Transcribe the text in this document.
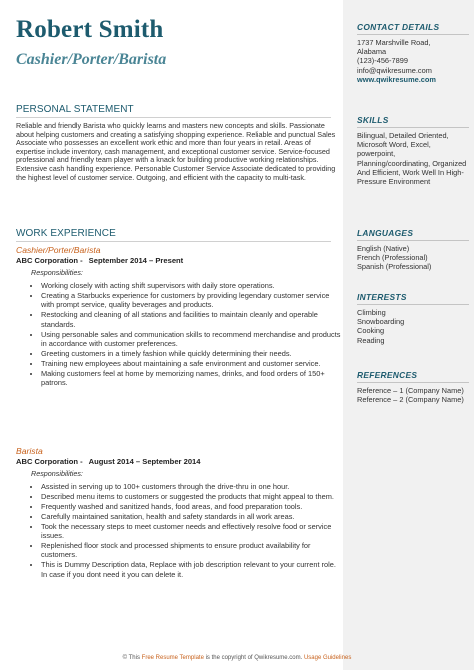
Robert Smith
Cashier/Porter/Barista
PERSONAL STATEMENT
Reliable and friendly Barista who quickly learns and masters new concepts and skills. Passionate about helping customers and creating a satisfying shopping experience. Reliable and punctual Sales Associate who possesses an excellent work ethic and more than four years in retail. Areas of expertise include inventory, cash management, and exceptional customer service. Service-focused professional and friendly team player with a knack for building productive working relationships. Extensive cash handling experience. Personable Customer Service Associate dedicated to providing the highest level of customer service. Outgoing, and efficient with the capacity to multi-task.
WORK EXPERIENCE
Cashier/Porter/Barista
ABC Corporation - September 2014 – Present
Responsibilities:
• Working closely with acting shift supervisors with daily store operations.
• Creating a Starbucks experience for customers by providing legendary customer service with prompt service, quality beverages and products.
• Restocking and cleaning of all stations and facilities to maintain cleanly and operable standards.
• Using personable sales and communication skills to recommend merchandise and products in accordance with customer preferences.
• Greeting customers in a timely fashion while quickly determining their needs.
• Training new employees about maintaining a safe environment and customer service.
• Making customers feel at home by memorizing names, drinks, and food orders of 150+ patrons.
Barista
ABC Corporation - August 2014 – September 2014
Responsibilities:
• Assisted in serving up to 100+ customers through the drive-thru in one hour.
• Described menu items to customers or suggested the products that might appeal to them.
• Frequently washed and sanitized hands, food areas, and food preparation tools.
• Carefully maintained sanitation, health and safety standards in all work areas.
• Took the necessary steps to meet customer needs and effectively resolve food or service issues.
• Replenished floor stock and processed shipments to ensure product availability for customers.
• This is Dummy Description data, Replace with job description relevant to your current role. In case if you dont need it you can delete it.
CONTACT DETAILS
1737 Marshville Road,
Alabama
(123)-456-7899
info@qwikresume.com
www.qwikresume.com
SKILLS
Bilingual, Detailed Oriented, Microsoft Word, Excel, powerpoint, Planning/coordinating, Organized And Efficient, Work Well In High-Pressure Environment
LANGUAGES
English (Native)
French (Professional)
Spanish (Professional)
INTERESTS
Climbing
Snowboarding
Cooking
Reading
REFERENCES
Reference – 1 (Company Name)
Reference – 2 (Company Name)
© This Free Resume Template is the copyright of Qwikresume.com. Usage Guidelines
